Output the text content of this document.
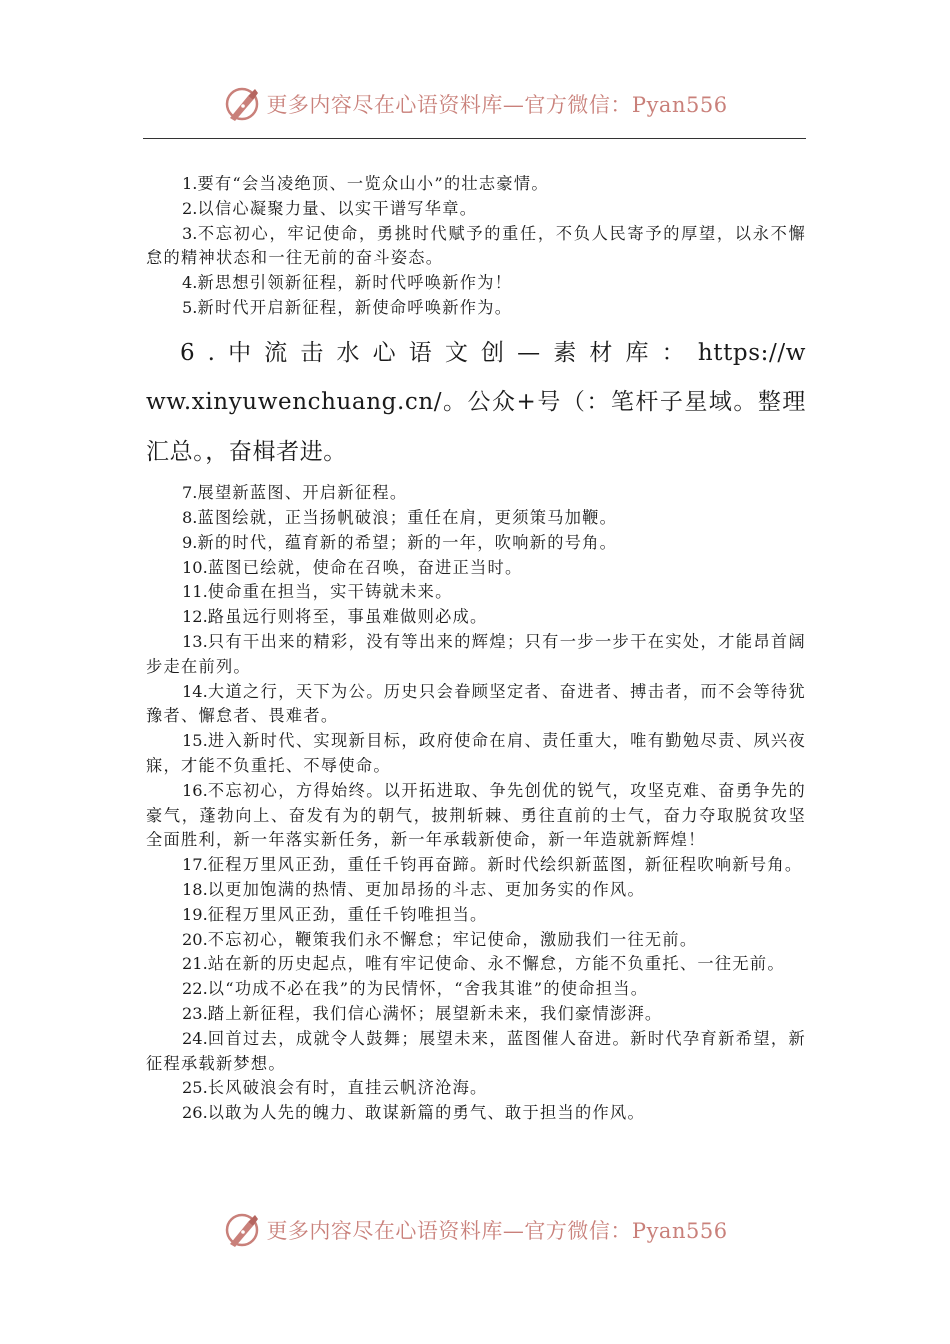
更多内容尽在心语资料库—官方微信：Pyan556

1.要有“会当凌绝顶、一览众山小”的壮志豪情。

2.以信心凝聚力量、以实干谱写华章。

3.不忘初心，牢记使命，勇挑时代赋予的重任，不负人民寄予的厚望，以永不懈怠的精神状态和一往无前的奋斗姿态。

4.新思想引领新征程，新时代呼唤新作为！

5.新时代开启新征程，新使命呼唤新作为。

6.中流击水心语文创—素材库：https://www.xinyuwenchuang.cn/。公众+号（：笔杆子星域。整理汇总。，奋楫者进。

7.展望新蓝图、开启新征程。

8.蓝图绘就，正当扬帆破浪；重任在肩，更须策马加鞭。

9.新的时代，蕴育新的希望；新的一年，吹响新的号角。

10.蓝图已绘就，使命在召唤，奋进正当时。

11.使命重在担当，实干铸就未来。

12.路虽远行则将至，事虽难做则必成。

13.只有干出来的精彩，没有等出来的辉煌；只有一步一步干在实处，才能昂首阔步走在前列。

14.大道之行，天下为公。历史只会眷顾坚定者、奋进者、搏击者，而不会等待犹豫者、懈怠者、畏难者。

15.进入新时代、实现新目标，政府使命在肩、责任重大，唯有勤勉尽责、夙兴夜寐，才能不负重托、不辱使命。

16.不忘初心，方得始终。以开拓进取、争先创优的锐气，攻坚克难、奋勇争先的豪气，蓬勃向上、奋发有为的朝气，披荆斩棘、勇往直前的士气，奋力夺取脱贫攻坚全面胜利，新一年落实新任务，新一年承载新使命，新一年造就新辉煌！

17.征程万里风正劲，重任千钧再奋蹄。新时代绘织新蓝图，新征程吹响新号角。

18.以更加饱满的热情、更加昂扬的斗志、更加务实的作风。

19.征程万里风正劲，重任千钧唯担当。

20.不忘初心，鞭策我们永不懈怠；牢记使命，激励我们一往无前。

21.站在新的历史起点，唯有牢记使命、永不懈怠，方能不负重托、一往无前。

22.以“功成不必在我”的为民情怀，“舍我其谁”的使命担当。

23.踏上新征程，我们信心满怀；展望新未来，我们豪情澎湃。

24.回首过去，成就令人鼓舞；展望未来，蓝图催人奋进。新时代孕育新希望，新征程承载新梦想。

25.长风破浪会有时，直挂云帆济沧海。

26.以敢为人先的魄力、敢谋新篇的勇气、敢于担当的作风。

更多内容尽在心语资料库—官方微信：Pyan556
